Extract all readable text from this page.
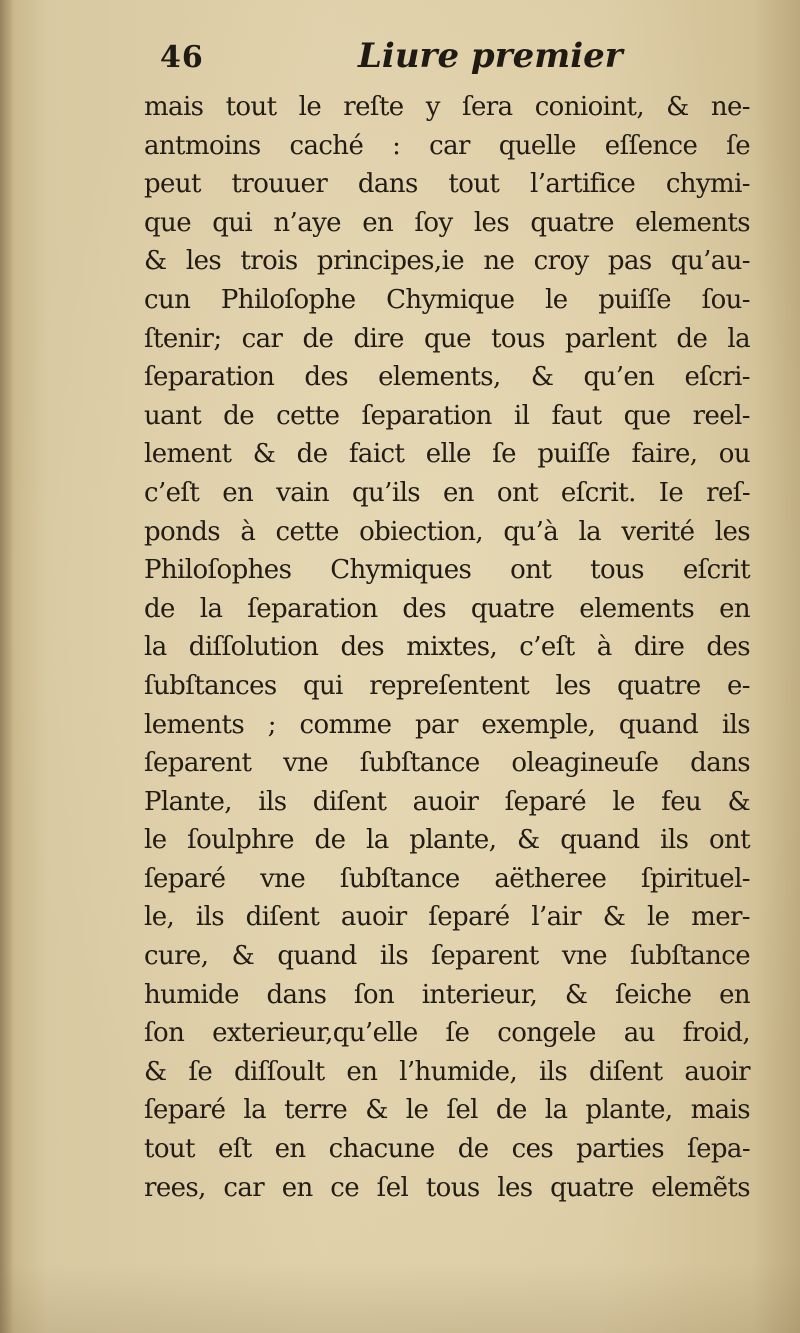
46	Liure premier
mais tout le reſte y ſera conioint, & ne-
antmoins caché : car quelle eſſence ſe
peut trouuer dans tout l’artifice chymi-
que qui n’aye en ſoy les quatre elements
& les trois principes,ie ne croy pas qu’au-
cun Philoſophe Chymique le puiſſe ſou-
ſtenir; car de dire que tous parlent de la
ſeparation des elements, & qu’en eſcri-
uant de cette ſeparation il faut que reel-
lement & de faict elle ſe puiſſe faire, ou
c’eſt en vain qu’ils en ont eſcrit. Ie reſ-
ponds à cette obiection, qu’à la verité les
Philoſophes Chymiques ont tous eſcrit
de la ſeparation des quatre elements en
la diſſolution des mixtes, c’eſt à dire des
ſubſtances qui repreſentent les quatre e-
lements ; comme par exemple, quand ils
ſeparent vne ſubſtance oleagineuſe dans
Plante, ils diſent auoir ſeparé le feu &
le ſoulphre de la plante, & quand ils ont
ſeparé vne ſubſtance aëtheree ſpirituel-
le, ils diſent auoir ſeparé l’air & le mer-
cure, & quand ils ſeparent vne ſubſtance
humide dans ſon interieur, & ſeiche en
ſon exterieur,qu’elle ſe congele au froid,
& ſe diſſoult en l’humide, ils diſent auoir
ſeparé la terre & le ſel de la plante, mais
tout eſt en chacune de ces parties ſepa-
rees, car en ce ſel tous les quatre elemẽts
